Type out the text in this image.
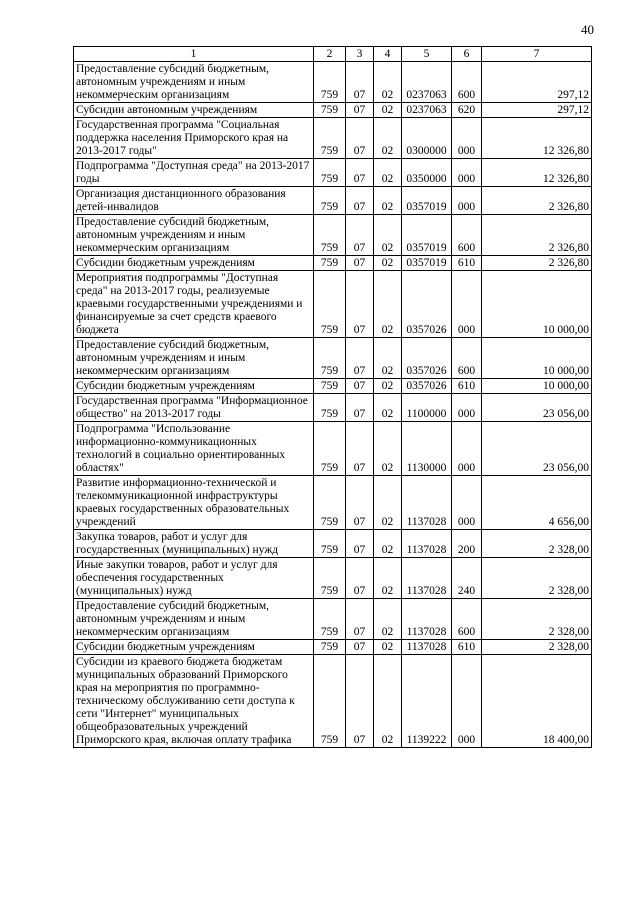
40
1	2	3	4	5	6	7
Предоставление субсидий бюджетным, автономным учреждениям и иным некоммерческим организациям	759	07	02	0237063	600	297,12
Субсидии автономным учреждениям	759	07	02	0237063	620	297,12
Государственная программа "Социальная поддержка населения Приморского края на 2013-2017 годы"	759	07	02	0300000	000	12 326,80
Подпрограмма "Доступная среда" на 2013-2017 годы	759	07	02	0350000	000	12 326,80
Организация дистанционного образования детей-инвалидов	759	07	02	0357019	000	2 326,80
Предоставление субсидий бюджетным, автономным учреждениям и иным некоммерческим организациям	759	07	02	0357019	600	2 326,80
Субсидии бюджетным учреждениям	759	07	02	0357019	610	2 326,80
Мероприятия подпрограммы "Доступная среда" на 2013-2017 годы, реализуемые краевыми государственными учреждениями и финансируемые за счет средств краевого бюджета	759	07	02	0357026	000	10 000,00
Предоставление субсидий бюджетным, автономным учреждениям и иным некоммерческим организациям	759	07	02	0357026	600	10 000,00
Субсидии бюджетным учреждениям	759	07	02	0357026	610	10 000,00
Государственная программа "Информационное общество" на 2013-2017 годы	759	07	02	1100000	000	23 056,00
Подпрограмма "Использование информационно-коммуникационных технологий в социально ориентированных областях"	759	07	02	1130000	000	23 056,00
Развитие информационно-технической и телекоммуникационной инфраструктуры краевых государственных образовательных учреждений	759	07	02	1137028	000	4 656,00
Закупка товаров, работ и услуг для государственных (муниципальных) нужд	759	07	02	1137028	200	2 328,00
Иные закупки товаров, работ и услуг для обеспечения государственных (муниципальных) нужд	759	07	02	1137028	240	2 328,00
Предоставление субсидий бюджетным, автономным учреждениям и иным некоммерческим организациям	759	07	02	1137028	600	2 328,00
Субсидии бюджетным учреждениям	759	07	02	1137028	610	2 328,00
Субсидии из краевого бюджета бюджетам муниципальных образований Приморского края на мероприятия по программно-техническому обслуживанию сети доступа к сети "Интернет" муниципальных общеобразовательных учреждений Приморского края, включая оплату трафика	759	07	02	1139222	000	18 400,00
